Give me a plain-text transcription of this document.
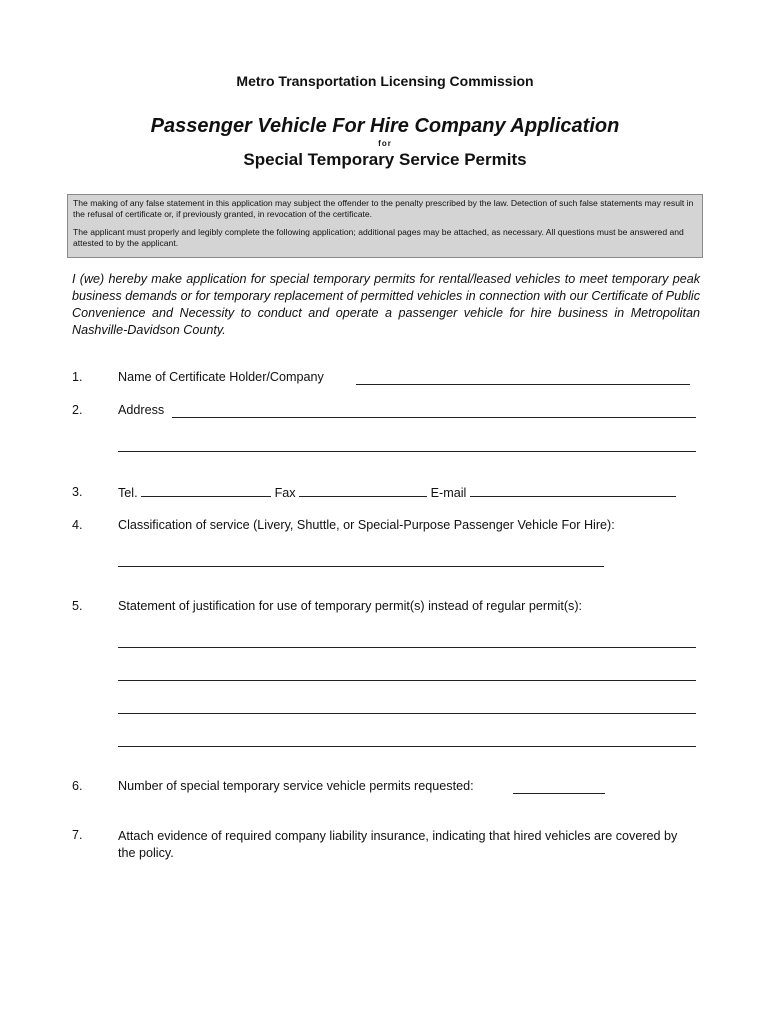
Metro Transportation Licensing Commission
Passenger Vehicle For Hire Company Application
for
Special Temporary Service Permits

The making of any false statement in this application may subject the offender to the penalty prescribed by the law. Detection of such false statements may result in the refusal of certificate or, if previously granted, in revocation of the certificate.

The applicant must properly and legibly complete the following application; additional pages may be attached, as necessary. All questions must be answered and attested to by the applicant.

I (we) hereby make application for special temporary permits for rental/leased vehicles to meet temporary peak business demands or for temporary replacement of permitted vehicles in connection with our Certificate of Public Convenience and Necessity to conduct and operate a passenger vehicle for hire business in Metropolitan Nashville-Davidson County.
1.	Name of Certificate Holder/Company
2.	Address
3.	Tel.	Fax	E-mail
4.	Classification of service (Livery, Shuttle, or Special-Purpose Passenger Vehicle For Hire):
5.	Statement of justification for use of temporary permit(s) instead of regular permit(s):
6.	Number of special temporary service vehicle permits requested:
7.	Attach evidence of required company liability insurance, indicating that hired vehicles are covered by the policy.
